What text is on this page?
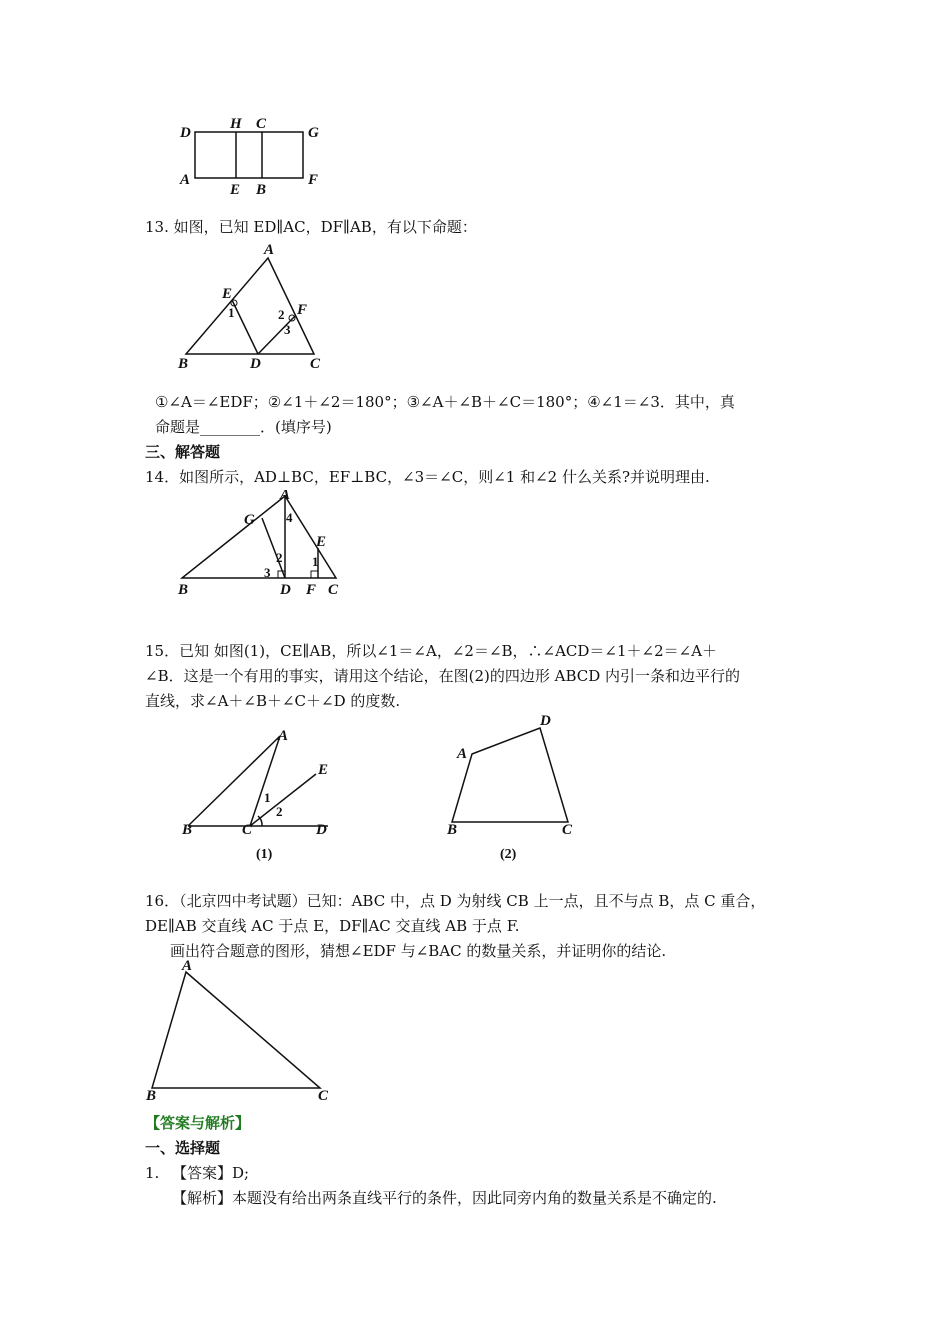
D
H C
G
A
E B
F
13. 如图，已知 ED∥AC，DF∥AB，有以下命题：
A
E
F
B	D	C
1	2
3
①∠A＝∠EDF；②∠1＋∠2＝180°；③∠A＋∠B＋∠C＝180°；④∠1＝∠3．其中，真
命题是________．(填序号)
三、解答题
14．如图所示，AD⊥BC，EF⊥BC，∠3＝∠C，则∠1 和∠2 什么关系?并说明理由.
A
G
E
B	D F C
4
2
3
1
15．已知 如图(1)，CE∥AB，所以∠1＝∠A，∠2＝∠B，∴∠ACD＝∠1＋∠2＝∠A＋
∠B．这是一个有用的事实，请用这个结论，在图(2)的四边形 ABCD 内引一条和边平行的
直线，求∠A＋∠B＋∠C＋∠D 的度数.
A
E
B	C	D
1
2
(1)
A
D
B	C
(2)
16．（北京四中考试题）已知：ABC 中，点 D 为射线 CB 上一点，且不与点 B，点 C 重合，
DE∥AB 交直线 AC 于点 E，DF∥AC 交直线 AB 于点 F.
画出符合题意的图形，猜想∠EDF 与∠BAC 的数量关系，并证明你的结论.
A
B	C
【答案与解析】
一、选择题
1. 【答案】D;
【解析】本题没有给出两条直线平行的条件，因此同旁内角的数量关系是不确定的.
